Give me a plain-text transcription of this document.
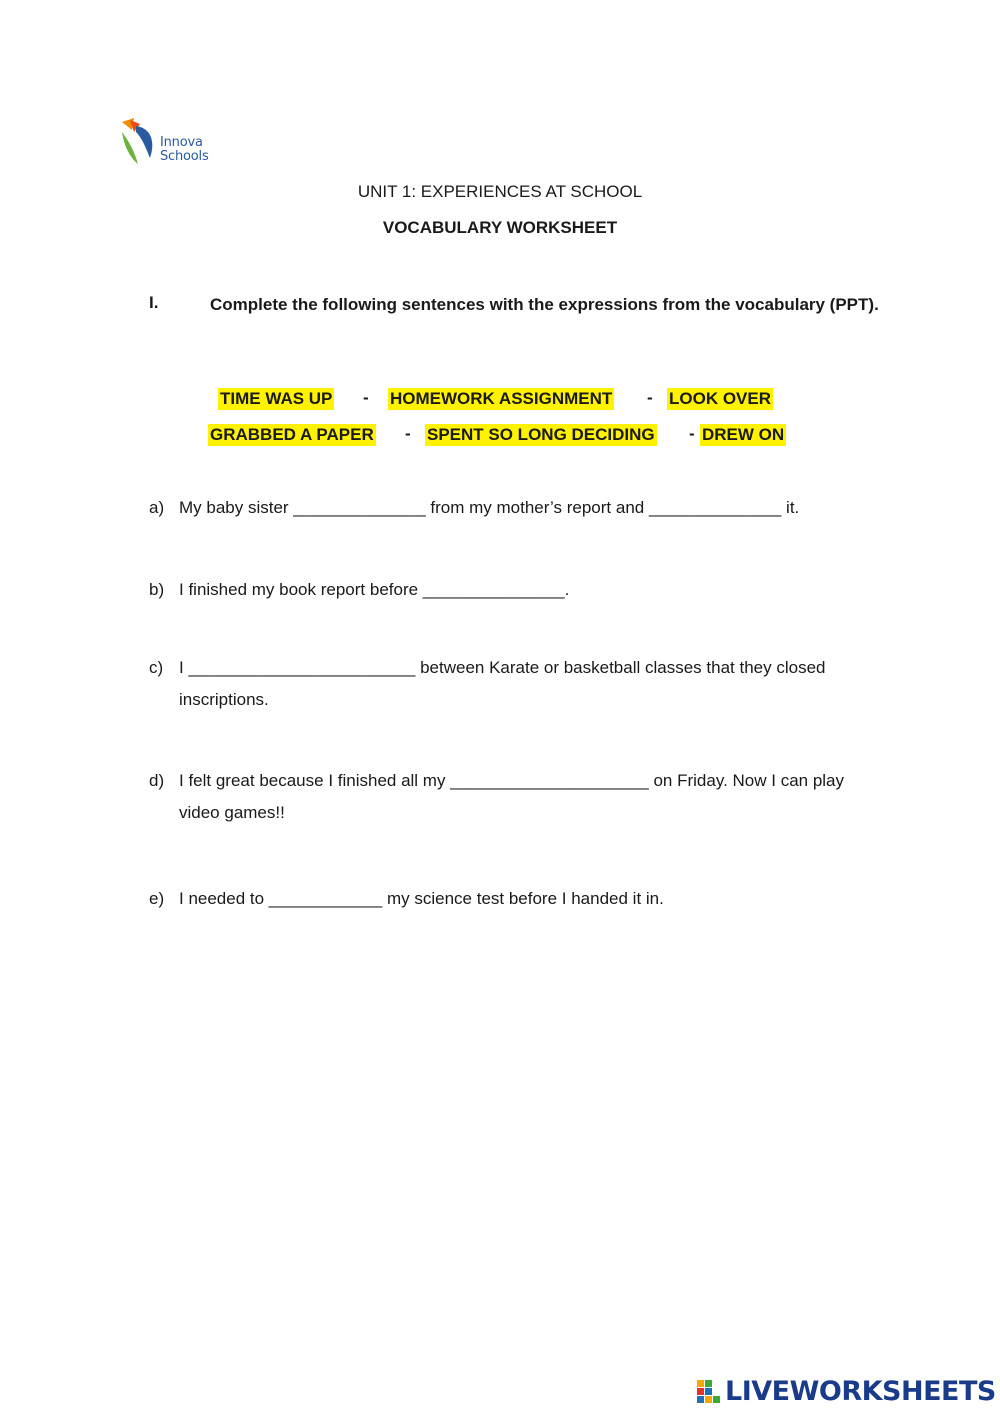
Innova
Schools
UNIT 1: EXPERIENCES AT SCHOOL
VOCABULARY WORKSHEET
I.	Complete the following sentences with the expressions from the vocabulary (PPT).
TIME WAS UP - HOMEWORK ASSIGNMENT - LOOK OVER
GRABBED A PAPER - SPENT SO LONG DECIDING - DREW ON
a) My baby sister ______________ from my mother’s report and ______________ it.
b) I finished my book report before _______________.
c) I ________________________ between Karate or basketball classes that they closed inscriptions.
d) I felt great because I finished all my _____________________ on Friday. Now I can play video games!!
e) I needed to ____________ my science test before I handed it in.
LIVEWORKSHEETS
